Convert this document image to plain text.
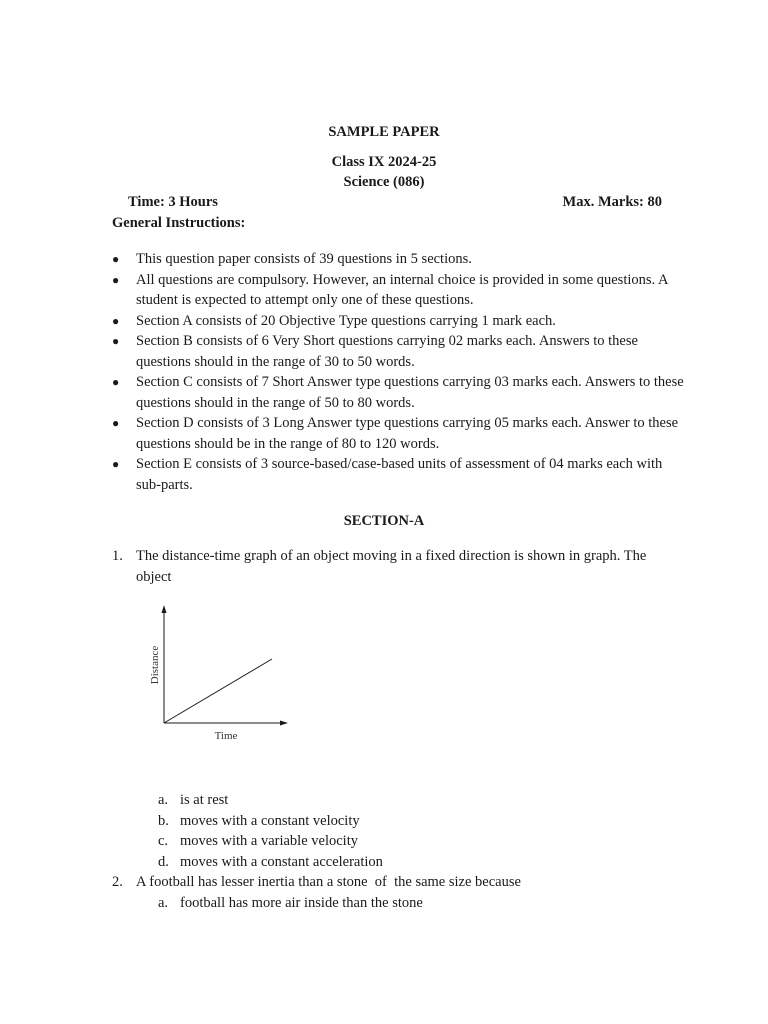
SAMPLE PAPER
Class IX 2024-25
Science (086)
Time: 3 Hours	Max. Marks: 80
General Instructions:
● This question paper consists of 39 questions in 5 sections.
● All questions are compulsory. However, an internal choice is provided in some questions. A student is expected to attempt only one of these questions.
● Section A consists of 20 Objective Type questions carrying 1 mark each.
● Section B consists of 6 Very Short questions carrying 02 marks each. Answers to these questions should in the range of 30 to 50 words.
● Section C consists of 7 Short Answer type questions carrying 03 marks each. Answers to these questions should in the range of 50 to 80 words.
● Section D consists of 3 Long Answer type questions carrying 05 marks each. Answer to these questions should be in the range of 80 to 120 words.
● Section E consists of 3 source-based/case-based units of assessment of 04 marks each with sub-parts.
SECTION-A
1. The distance-time graph of an object moving in a fixed direction is shown in graph. The object
Distance
Time
a. is at rest
b. moves with a constant velocity
c. moves with a variable velocity
d. moves with a constant acceleration
2. A football has lesser inertia than a stone  of  the same size because
a. football has more air inside than the stone
